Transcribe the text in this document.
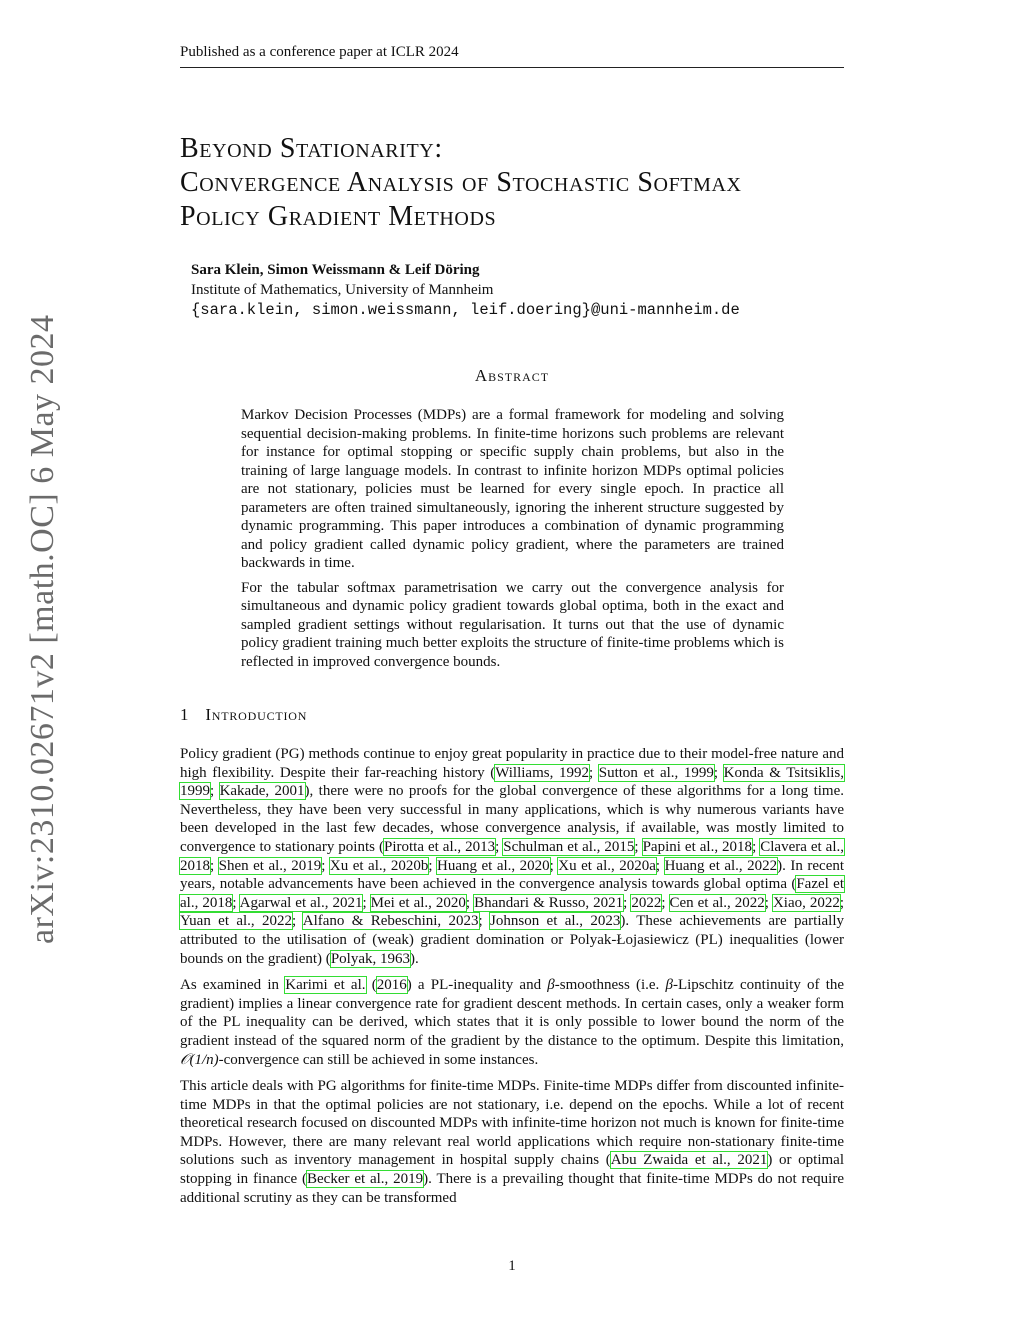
Published as a conference paper at ICLR 2024
arXiv:2310.02671v2 [math.OC] 6 May 2024
Beyond Stationarity:
Convergence Analysis of Stochastic Softmax
Policy Gradient Methods
Sara Klein, Simon Weissmann & Leif Döring
Institute of Mathematics, University of Mannheim
{sara.klein, simon.weissmann, leif.doering}@uni-mannheim.de
Abstract

Markov Decision Processes (MDPs) are a formal framework for modeling and solving sequential decision-making problems. In finite-time horizons such problems are relevant for instance for optimal stopping or specific supply chain problems, but also in the training of large language models. In contrast to infinite horizon MDPs optimal policies are not stationary, policies must be learned for every single epoch. In practice all parameters are often trained simultaneously, ignoring the inherent structure suggested by dynamic programming. This paper introduces a combination of dynamic programming and policy gradient called dynamic policy gradient, where the parameters are trained backwards in time.

For the tabular softmax parametrisation we carry out the convergence analysis for simultaneous and dynamic policy gradient towards global optima, both in the exact and sampled gradient settings without regularisation. It turns out that the use of dynamic policy gradient training much better exploits the structure of finite-time problems which is reflected in improved convergence bounds.

1 Introduction

Policy gradient (PG) methods continue to enjoy great popularity in practice due to their model-free nature and high flexibility. Despite their far-reaching history (Williams, 1992; Sutton et al., 1999; Konda & Tsitsiklis, 1999; Kakade, 2001), there were no proofs for the global convergence of these algorithms for a long time. Nevertheless, they have been very successful in many applications, which is why numerous variants have been developed in the last few decades, whose convergence analysis, if available, was mostly limited to convergence to stationary points (Pirotta et al., 2013; Schulman et al., 2015; Papini et al., 2018; Clavera et al., 2018; Shen et al., 2019; Xu et al., 2020b; Huang et al., 2020; Xu et al., 2020a; Huang et al., 2022). In recent years, notable advancements have been achieved in the convergence analysis towards global optima (Fazel et al., 2018; Agarwal et al., 2021; Mei et al., 2020; Bhandari & Russo, 2021; 2022; Cen et al., 2022; Xiao, 2022; Yuan et al., 2022; Alfano & Rebeschini, 2023; Johnson et al., 2023). These achievements are partially attributed to the utilisation of (weak) gradient domination or Polyak-Łojasiewicz (PL) inequalities (lower bounds on the gradient) (Polyak, 1963).

As examined in Karimi et al. (2016) a PL-inequality and β-smoothness (i.e. β-Lipschitz continuity of the gradient) implies a linear convergence rate for gradient descent methods. In certain cases, only a weaker form of the PL inequality can be derived, which states that it is only possible to lower bound the norm of the gradient instead of the squared norm of the gradient by the distance to the optimum. Despite this limitation, 𝒪(1/n)-convergence can still be achieved in some instances.

This article deals with PG algorithms for finite-time MDPs. Finite-time MDPs differ from discounted infinite-time MDPs in that the optimal policies are not stationary, i.e. depend on the epochs. While a lot of recent theoretical research focused on discounted MDPs with infinite-time horizon not much is known for finite-time MDPs. However, there are many relevant real world applications which require non-stationary finite-time solutions such as inventory management in hospital supply chains (Abu Zwaida et al., 2021) or optimal stopping in finance (Becker et al., 2019). There is a prevailing thought that finite-time MDPs do not require additional scrutiny as they can be transformed

1
